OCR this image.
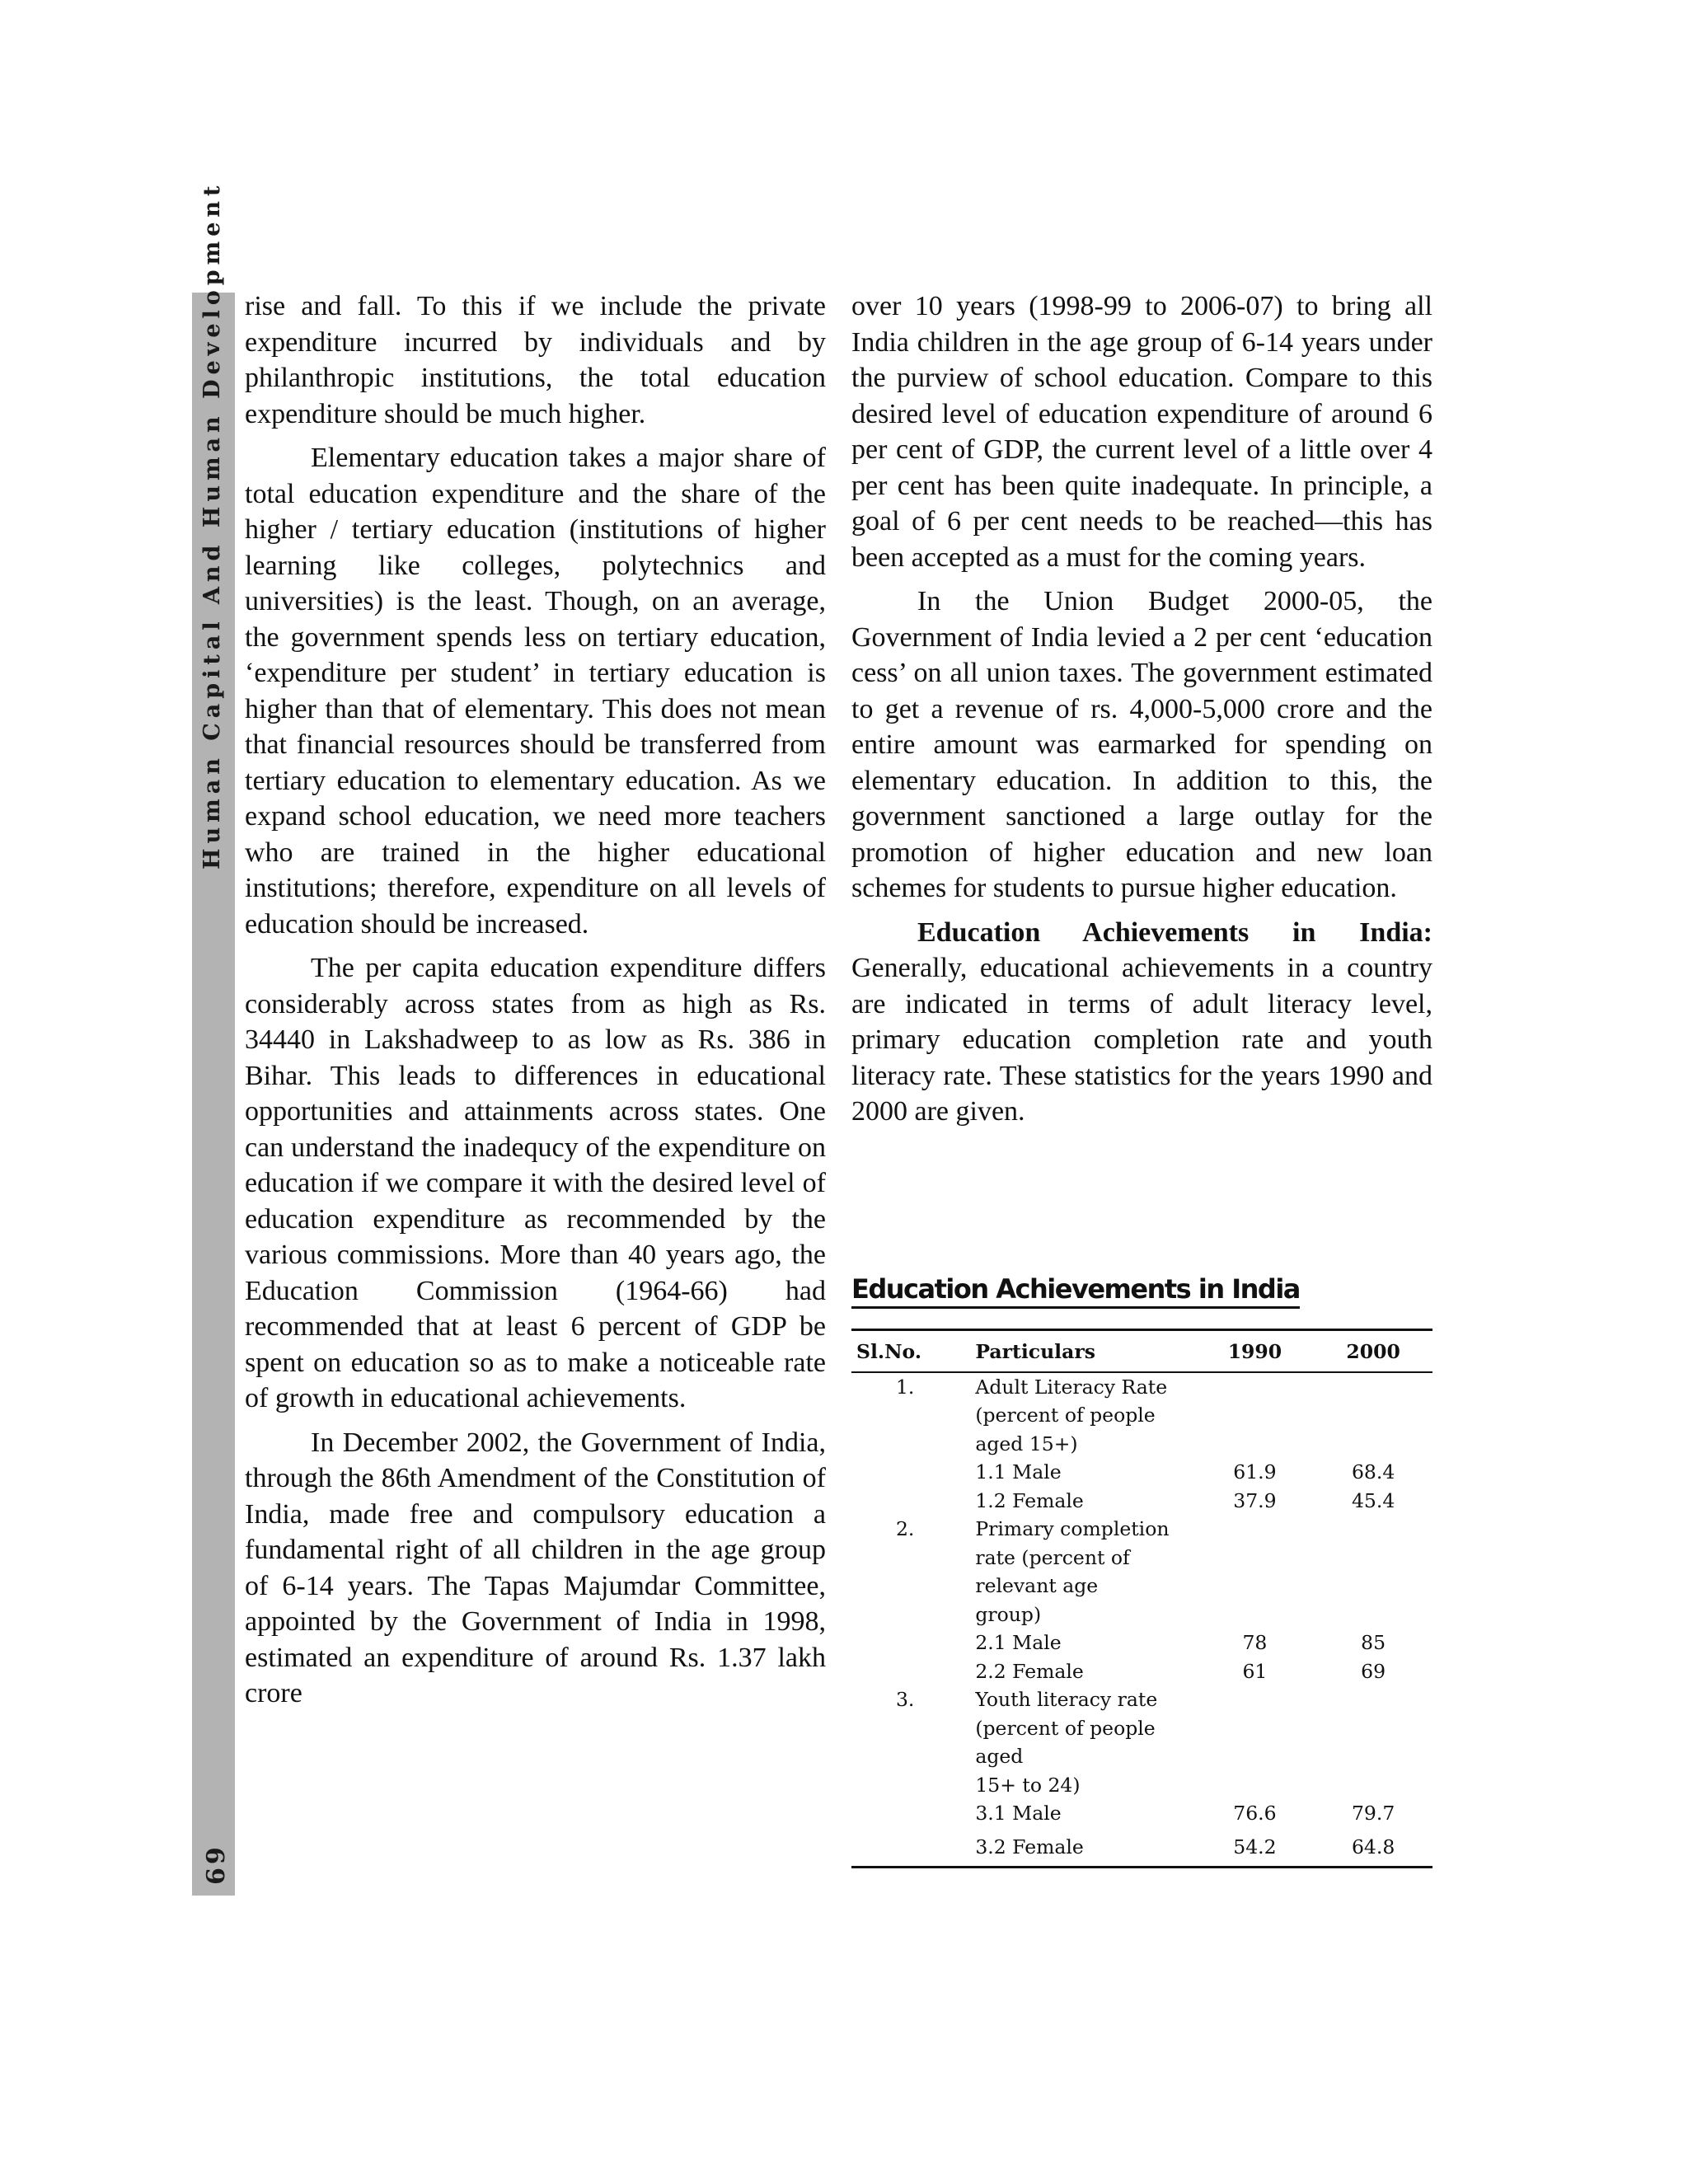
Human Capital And Human Development
69

rise and fall. To this if we include the private expenditure incurred by individuals and by philanthropic institutions, the total education expenditure should be much higher.

Elementary education takes a major share of total education expenditure and the share of the higher / tertiary education (institutions of higher learning like colleges, polytechnics and universities) is the least. Though, on an average, the government spends less on tertiary education, ‘expenditure per student’ in tertiary education is higher than that of elementary. This does not mean that financial resources should be transferred from tertiary education to elementary education. As we expand school education, we need more teachers who are trained in the higher educational institutions; therefore, expenditure on all levels of education should be increased.

The per capita education expenditure differs considerably across states from as high as Rs. 34440 in Lakshadweep to as low as Rs. 386 in Bihar. This leads to differences in educational opportunities and attainments across states. One can understand the inadequcy of the expenditure on education if we compare it with the desired level of education expenditure as recommended by the various commissions. More than 40 years ago, the Education Commission (1964-66) had recommended that at least 6 percent of GDP be spent on education so as to make a noticeable rate of growth in educational achievements.

In December 2002, the Government of India, through the 86th Amendment of the Constitution of India, made free and compulsory education a fundamental right of all children in the age group of 6-14 years. The Tapas Majumdar Committee, appointed by the Government of India in 1998, estimated an expenditure of around Rs. 1.37 lakh crore

over 10 years (1998-99 to 2006-07) to bring all India children in the age group of 6-14 years under the purview of school education. Compare to this desired level of education expenditure of around 6 per cent of GDP, the current level of a little over 4 per cent has been quite inadequate. In principle, a goal of 6 per cent needs to be reached—this has been accepted as a must for the coming years.

In the Union Budget 2000-05, the Government of India levied a 2 per cent ‘education cess’ on all union taxes. The government estimated to get a revenue of rs. 4,000-5,000 crore and the entire amount was earmarked for spending on elementary education. In addition to this, the government sanctioned a large outlay for the promotion of higher education and new loan schemes for students to pursue higher education.

Education Achievements in India: Generally, educational achievements in a country are indicated in terms of adult literacy level, primary education completion rate and youth literacy rate. These statistics for the years 1990 and 2000 are given.

Education Achievements in India
Sl.No.	Particulars	1990	2000
1.	Adult Literacy Rate		
	(percent of people		
	aged 15+)		
	1.1 Male	61.9	68.4
	1.2 Female	37.9	45.4
2.	Primary completion		
	rate (percent of		
	relevant age		
	group)		
	2.1 Male	78	85
	2.2 Female	61	69
3.	Youth literacy rate		
	(percent of people		
	aged		
	15+ to 24)		
	3.1 Male	76.6	79.7
	3.2 Female	54.2	64.8
